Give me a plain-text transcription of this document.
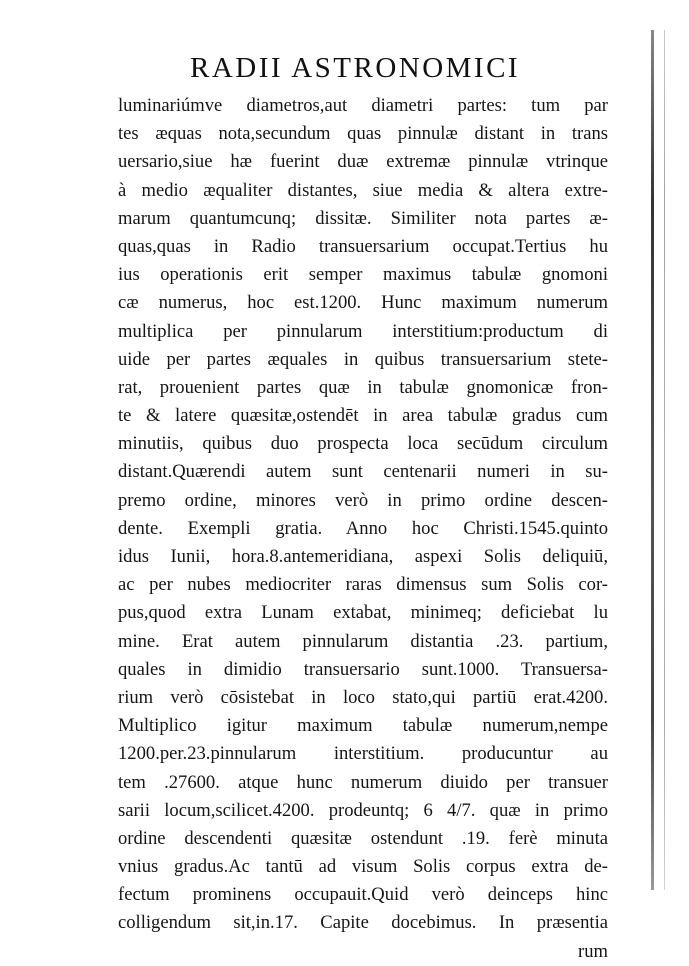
RADII ASTRONOMICI
luminariúmve diametros,aut diametri partes: tum par
tes æquas nota,secundum quas pinnulæ distant in trans
uersario,siue hæ fuerint duæ extremæ pinnulæ vtrinque
à medio æqualiter distantes, siue media & altera extre-
marum quantumcunq; dissitæ. Similiter nota partes æ-
quas,quas in Radio transuersarium occupat.Tertius hu
ius operationis erit semper maximus tabulæ gnomoni
cæ numerus, hoc est.1200. Hunc maximum numerum
multiplica per pinnularum interstitium:productum di
uide per partes æquales in quibus transuersarium stete-
rat, prouenient partes quæ in tabulæ gnomonicæ fron-
te & latere quæsitæ,ostendēt in area tabulæ gradus cum
minutiis, quibus duo prospecta loca secūdum circulum
distant.Quærendi autem sunt centenarii numeri in su-
premo ordine, minores verò in primo ordine descen-
dente. Exempli gratia. Anno hoc Christi.1545.quinto
idus Iunii, hora.8.antemeridiana, aspexi Solis deliquiū,
ac per nubes mediocriter raras dimensus sum Solis cor-
pus,quod extra Lunam extabat, minimeq; deficiebat lu
mine. Erat autem pinnularum distantia .23. partium,
quales in dimidio transuersario sunt.1000. Transuersa-
rium verò cōsistebat in loco stato,qui partiū erat.4200.
Multiplico igitur maximum tabulæ numerum,nempe
1200.per.23.pinnularum interstitium. producuntur au
tem .27600. atque hunc numerum diuido per transuer
sarii locum,scilicet.4200. prodeuntq; 6 4/7. quæ in primo
ordine descendenti quæsitæ ostendunt .19. ferè minuta
vnius gradus.Ac tantū ad visum Solis corpus extra de-
fectum prominens occupauit.Quid verò deinceps hinc
colligendum sit,in.17. Capite docebimus. In præsentia
rum
